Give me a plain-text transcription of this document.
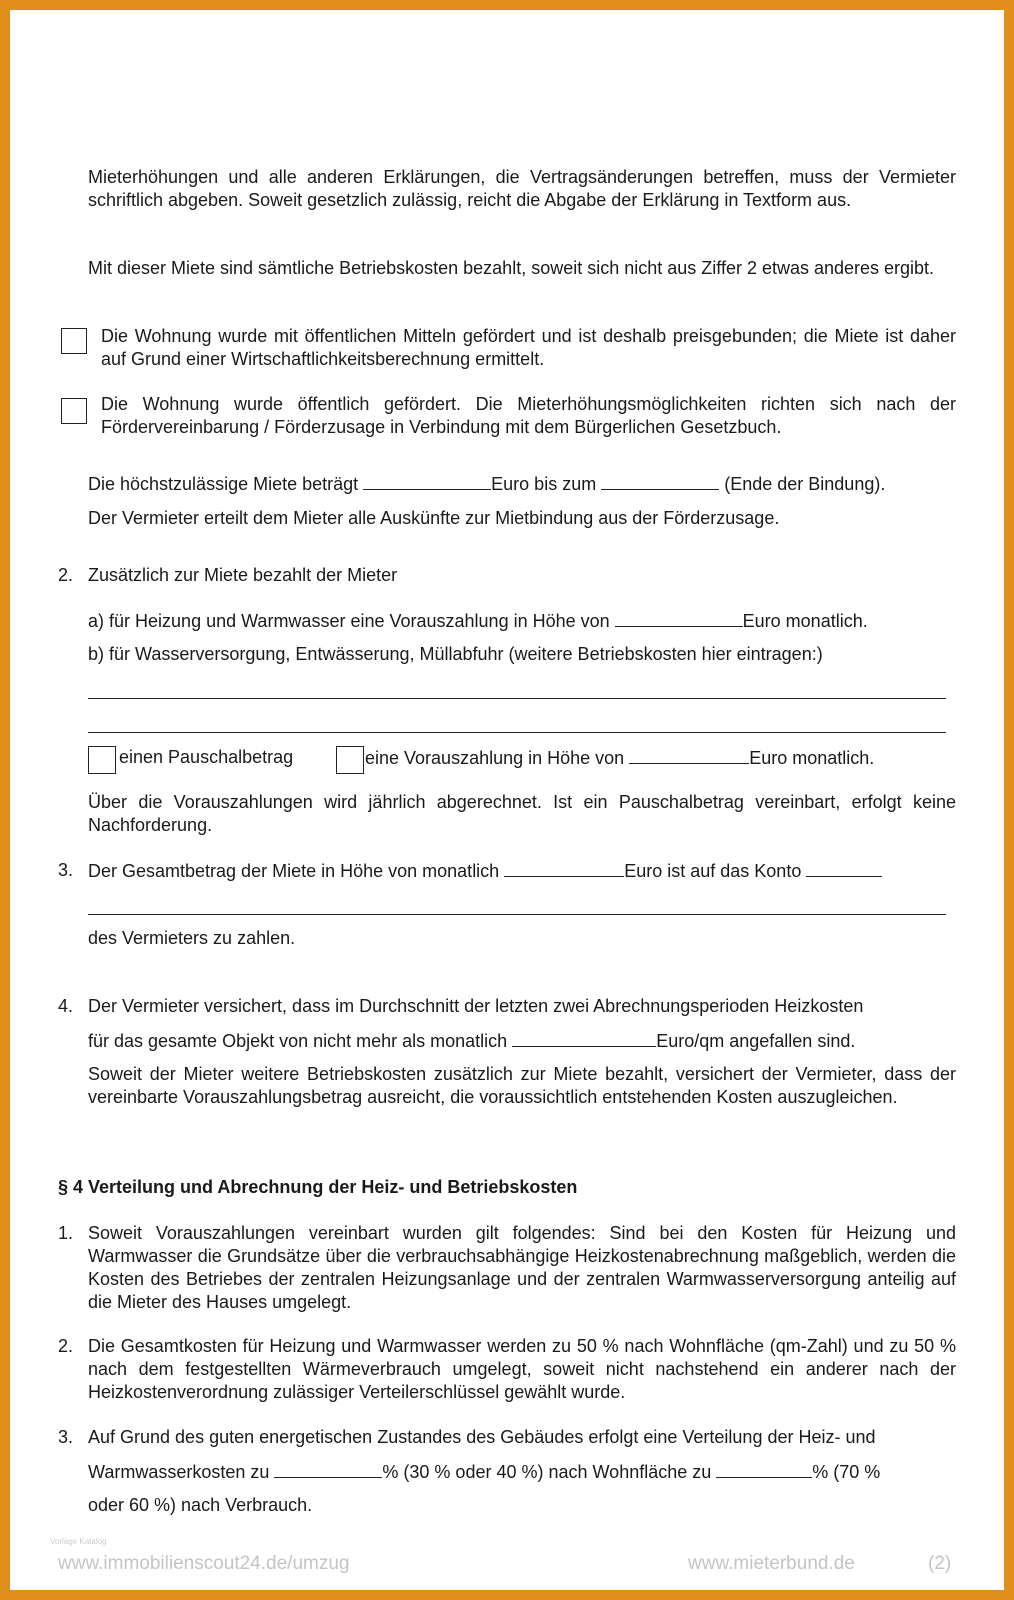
Mieterhöhungen und alle anderen Erklärungen, die Vertragsänderungen betreffen, muss der Vermieter schriftlich abgeben. Soweit gesetzlich zulässig, reicht die Abgabe der Erklärung in Textform aus.
Mit dieser Miete sind sämtliche Betriebskosten bezahlt, soweit sich nicht aus Ziffer 2 etwas anderes ergibt.
Die Wohnung wurde mit öffentlichen Mitteln gefördert und ist deshalb preisgebunden; die Miete ist daher auf Grund einer Wirtschaftlichkeitsberechnung ermittelt.
Die Wohnung wurde öffentlich gefördert. Die Mieterhöhungsmöglichkeiten richten sich nach der Fördervereinbarung / Förderzusage in Verbindung mit dem Bürgerlichen Gesetzbuch.
Die höchstzulässige Miete beträgt	Euro bis zum	(Ende der Bindung).
Der Vermieter erteilt dem Mieter alle Auskünfte zur Mietbindung aus der Förderzusage.
2. Zusätzlich zur Miete bezahlt der Mieter
a) für Heizung und Warmwasser eine Vorauszahlung in Höhe von	Euro monatlich.
b) für Wasserversorgung, Entwässerung, Müllabfuhr (weitere Betriebskosten hier eintragen:)
einen Pauschalbetrag	eine Vorauszahlung in Höhe von	Euro monatlich.
Über die Vorauszahlungen wird jährlich abgerechnet. Ist ein Pauschalbetrag vereinbart, erfolgt keine Nachforderung.
3. Der Gesamtbetrag der Miete in Höhe von monatlich	Euro ist auf das Konto
des Vermieters zu zahlen.
4. Der Vermieter versichert, dass im Durchschnitt der letzten zwei Abrechnungsperioden Heizkosten
für das gesamte Objekt von nicht mehr als monatlich	Euro/qm angefallen sind.
Soweit der Mieter weitere Betriebskosten zusätzlich zur Miete bezahlt, versichert der Vermieter, dass der vereinbarte Vorauszahlungsbetrag ausreicht, die voraussichtlich entstehenden Kosten auszugleichen.
§ 4 Verteilung und Abrechnung der Heiz- und Betriebskosten
1. Soweit Vorauszahlungen vereinbart wurden gilt folgendes: Sind bei den Kosten für Heizung und Warmwasser die Grundsätze über die verbrauchsabhängige Heizkostenabrechnung maßgeblich, werden die Kosten des Betriebes der zentralen Heizungsanlage und der zentralen Warmwasserversorgung anteilig auf die Mieter des Hauses umgelegt.
2. Die Gesamtkosten für Heizung und Warmwasser werden zu 50 % nach Wohnfläche (qm-Zahl) und zu 50 % nach dem festgestellten Wärmeverbrauch umgelegt, soweit nicht nachstehend ein anderer nach der Heizkostenverordnung zulässiger Verteilerschlüssel gewählt wurde.
3. Auf Grund des guten energetischen Zustandes des Gebäudes erfolgt eine Verteilung der Heiz- und
Warmwasserkosten zu	% (30 % oder 40 %) nach Wohnfläche zu	% (70 %
oder 60 %) nach Verbrauch.
Vorlage Katalog
www.immobilienscout24.de/umzug	www.mieterbund.de	(2)
